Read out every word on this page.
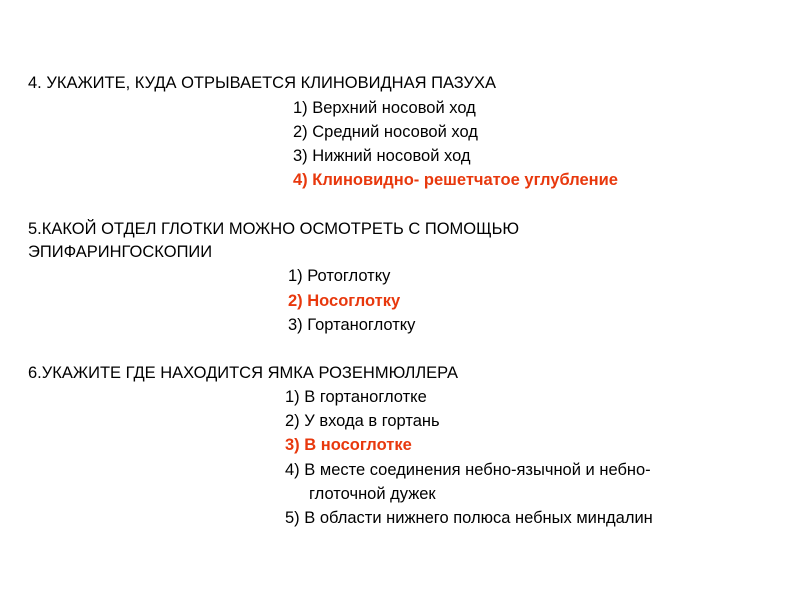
4. УКАЖИТЕ, КУДА ОТРЫВАЕТСЯ КЛИНОВИДНАЯ ПАЗУХА
1) Верхний носовой ход
2) Средний носовой ход
3) Нижний носовой ход
4) Клиновидно- решетчатое углубление
5.КАКОЙ ОТДЕЛ ГЛОТКИ МОЖНО ОСМОТРЕТЬ С ПОМОЩЬЮ
ЭПИФАРИНГОСКОПИИ
1) Ротоглотку
2) Носоглотку
3) Гортаноглотку
6.УКАЖИТЕ ГДЕ НАХОДИТСЯ ЯМКА РОЗЕНМЮЛЛЕРА
1) В гортаноглотке
2) У входа в гортань
3) В носоглотке
4) В месте соединения небно-язычной и небно-
глоточной дужек
5) В области нижнего полюса небных миндалин
